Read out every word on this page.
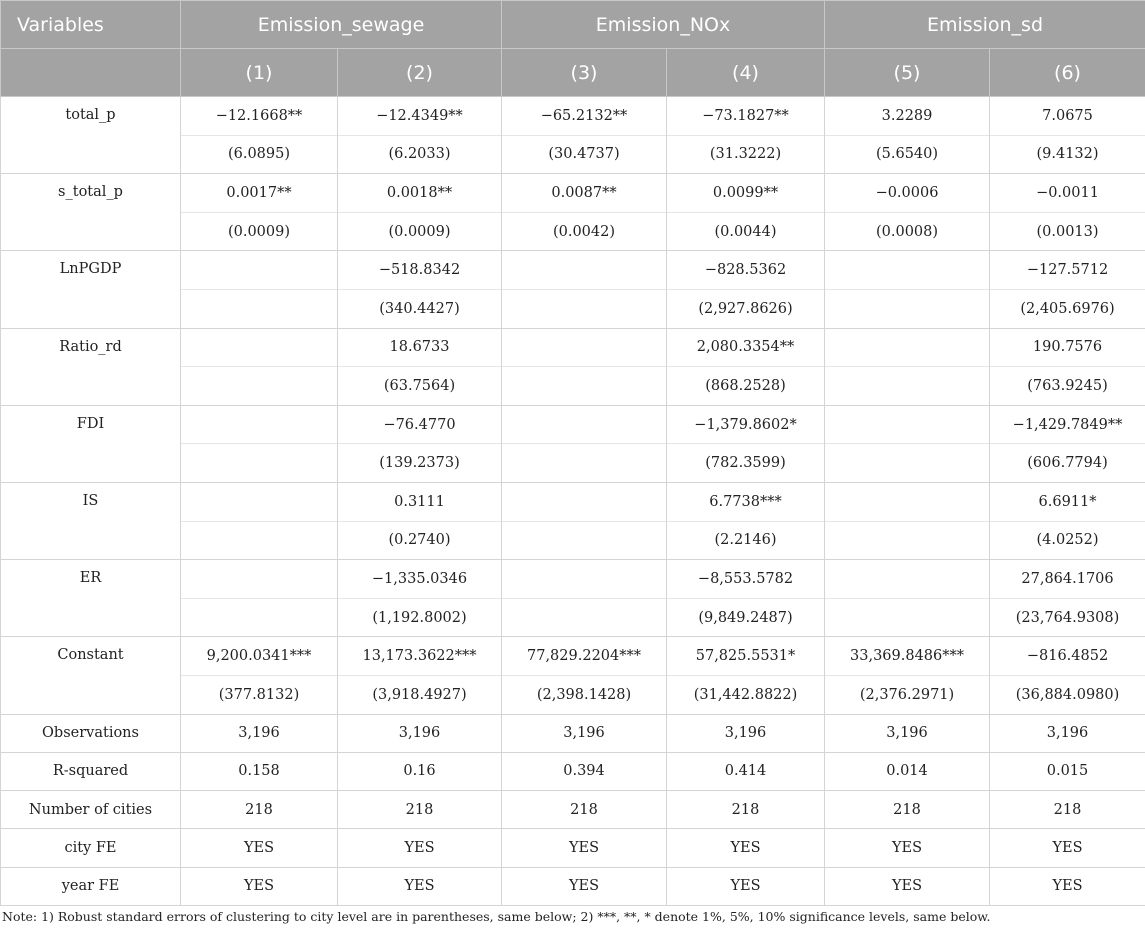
Variables	Emission_sewage		Emission_NOx		Emission_sd	
	(1)	(2)	(3)	(4)	(5)	(6)
total_p	−12.1668**	−12.4349**	−65.2132**	−73.1827**	3.2289	7.0675
	(6.0895)	(6.2033)	(30.4737)	(31.3222)	(5.6540)	(9.4132)
s_total_p	0.0017**	0.0018**	0.0087**	0.0099**	−0.0006	−0.0011
	(0.0009)	(0.0009)	(0.0042)	(0.0044)	(0.0008)	(0.0013)
LnPGDP		−518.8342		−828.5362		−127.5712
		(340.4427)		(2,927.8626)		(2,405.6976)
Ratio_rd		18.6733		2,080.3354**		190.7576
		(63.7564)		(868.2528)		(763.9245)
FDI		−76.4770		−1,379.8602*		−1,429.7849**
		(139.2373)		(782.3599)		(606.7794)
IS		0.3111		6.7738***		6.6911*
		(0.2740)		(2.2146)		(4.0252)
ER		−1,335.0346		−8,553.5782		27,864.1706
		(1,192.8002)		(9,849.2487)		(23,764.9308)
Constant	9,200.0341***	13,173.3622***	77,829.2204***	57,825.5531*	33,369.8486***	−816.4852
	(377.8132)	(3,918.4927)	(2,398.1428)	(31,442.8822)	(2,376.2971)	(36,884.0980)
Observations	3,196	3,196	3,196	3,196	3,196	3,196
R-squared	0.158	0.16	0.394	0.414	0.014	0.015
Number of cities	218	218	218	218	218	218
city FE	YES	YES	YES	YES	YES	YES
year FE	YES	YES	YES	YES	YES	YES
Note: 1) Robust standard errors of clustering to city level are in parentheses, same below; 2) ***, **, * denote 1%, 5%, 10% significance levels, same below.
